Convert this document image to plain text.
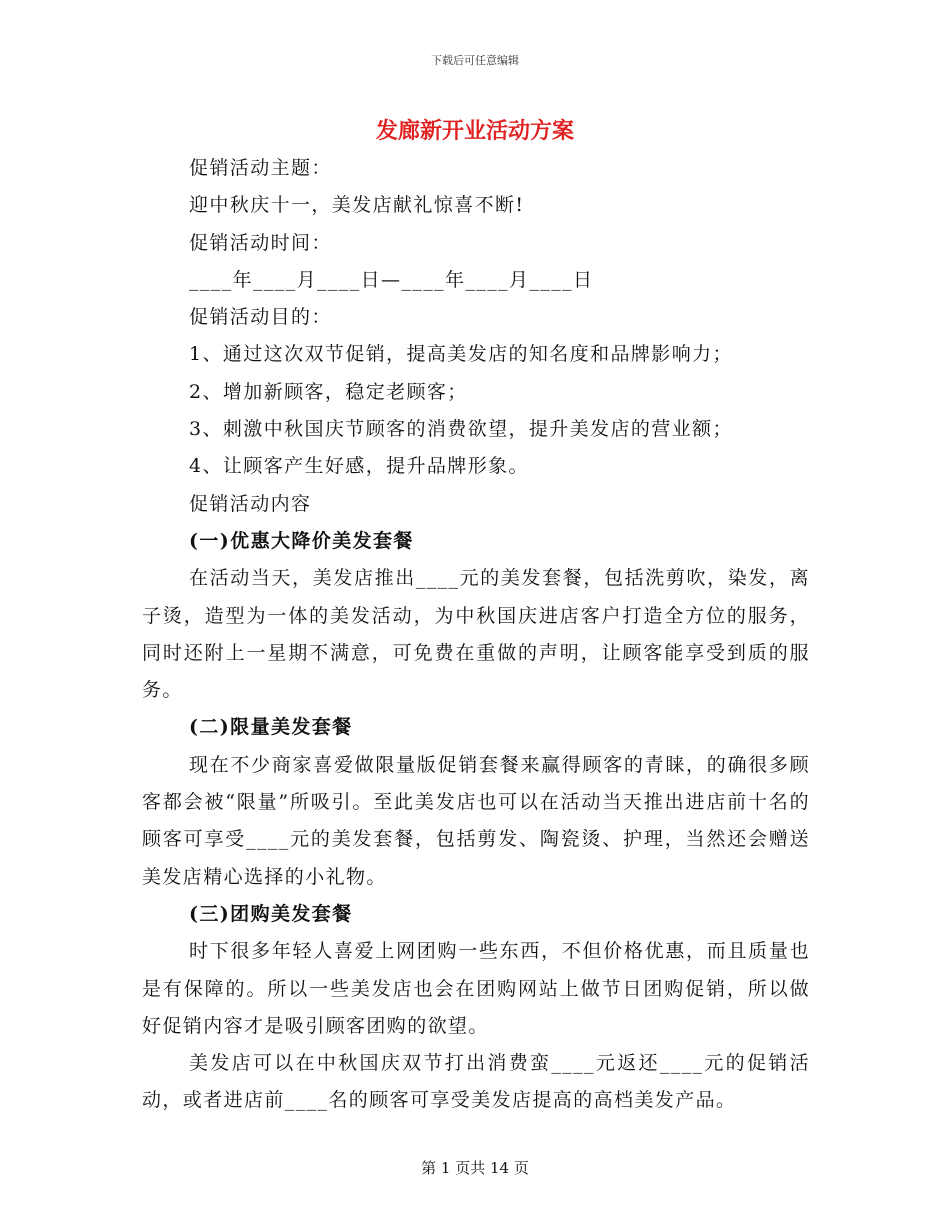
下载后可任意编辑
发廊新开业活动方案
促销活动主题：
迎中秋庆十一，美发店献礼惊喜不断!
促销活动时间：
____年____月____日—____年____月____日
促销活动目的：
1、通过这次双节促销，提高美发店的知名度和品牌影响力；
2、增加新顾客，稳定老顾客；
3、刺激中秋国庆节顾客的消费欲望，提升美发店的营业额；
4、让顾客产生好感，提升品牌形象。
促销活动内容
(一)优惠大降价美发套餐
在活动当天，美发店推出____元的美发套餐，包括洗剪吹，染发，离子烫，造型为一体的美发活动，为中秋国庆进店客户打造全方位的服务，同时还附上一星期不满意，可免费在重做的声明，让顾客能享受到质的服务。
(二)限量美发套餐
现在不少商家喜爱做限量版促销套餐来赢得顾客的青睐，的确很多顾客都会被“限量”所吸引。至此美发店也可以在活动当天推出进店前十名的顾客可享受____元的美发套餐，包括剪发、陶瓷烫、护理，当然还会赠送美发店精心选择的小礼物。
(三)团购美发套餐
时下很多年轻人喜爱上网团购一些东西，不但价格优惠，而且质量也是有保障的。所以一些美发店也会在团购网站上做节日团购促销，所以做好促销内容才是吸引顾客团购的欲望。
美发店可以在中秋国庆双节打出消费蛮____元返还____元的促销活动，或者进店前____名的顾客可享受美发店提高的高档美发产品。
第 1 页共 14 页
